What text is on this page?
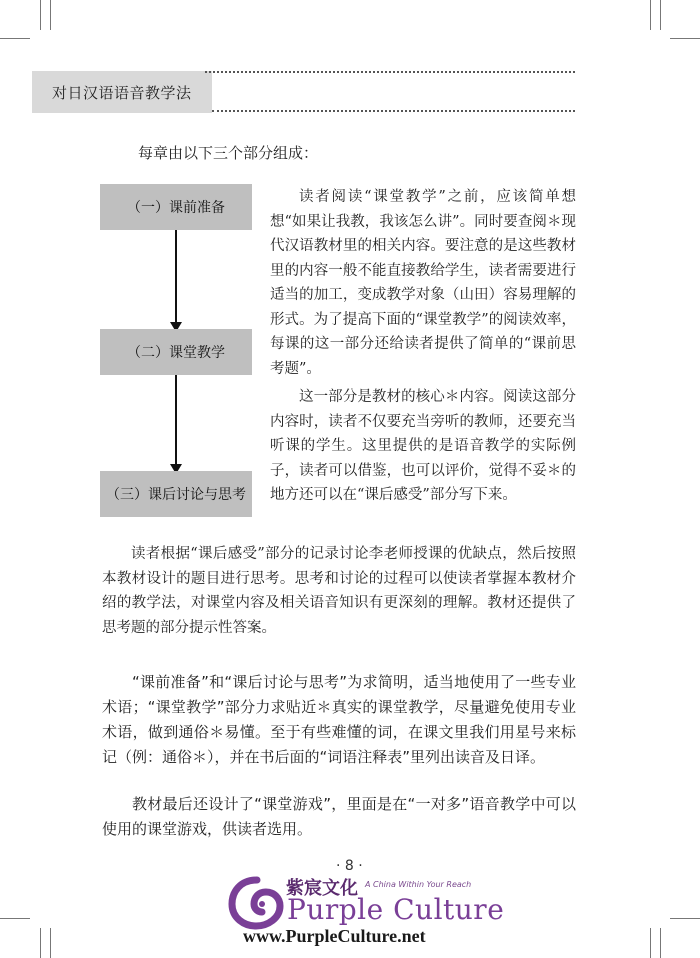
对日汉语语音教学法
每章由以下三个部分组成：
（一）课前准备
（二）课堂教学
（三）课后讨论与思考

读者阅读“课堂教学”之前，应该简单想想“如果让我教，我该怎么讲”。同时要查阅＊现代汉语教材里的相关内容。要注意的是这些教材里的内容一般不能直接教给学生，读者需要进行适当的加工，变成教学对象（山田）容易理解的形式。为了提高下面的“课堂教学”的阅读效率，每课的这一部分还给读者提供了简单的“课前思考题”。

这一部分是教材的核心＊内容。阅读这部分内容时，读者不仅要充当旁听的教师，还要充当听课的学生。这里提供的是语音教学的实际例子，读者可以借鉴，也可以评价，觉得不妥＊的地方还可以在“课后感受”部分写下来。

读者根据“课后感受”部分的记录讨论李老师授课的优缺点，然后按照本教材设计的题目进行思考。思考和讨论的过程可以使读者掌握本教材介绍的教学法，对课堂内容及相关语音知识有更深刻的理解。教材还提供了思考题的部分提示性答案。

“课前准备”和“课后讨论与思考”为求简明，适当地使用了一些专业术语；“课堂教学”部分力求贴近＊真实的课堂教学，尽量避免使用专业术语，做到通俗＊易懂。至于有些难懂的词，在课文里我们用星号来标记（例：通俗＊），并在书后面的“词语注释表”里列出读音及日译。

教材最后还设计了“课堂游戏”，里面是在“一对多”语音教学中可以使用的课堂游戏，供读者选用。

· 8 ·
紫宸文化 A China Within Your Reach
Purple Culture
www.PurpleCulture.net
